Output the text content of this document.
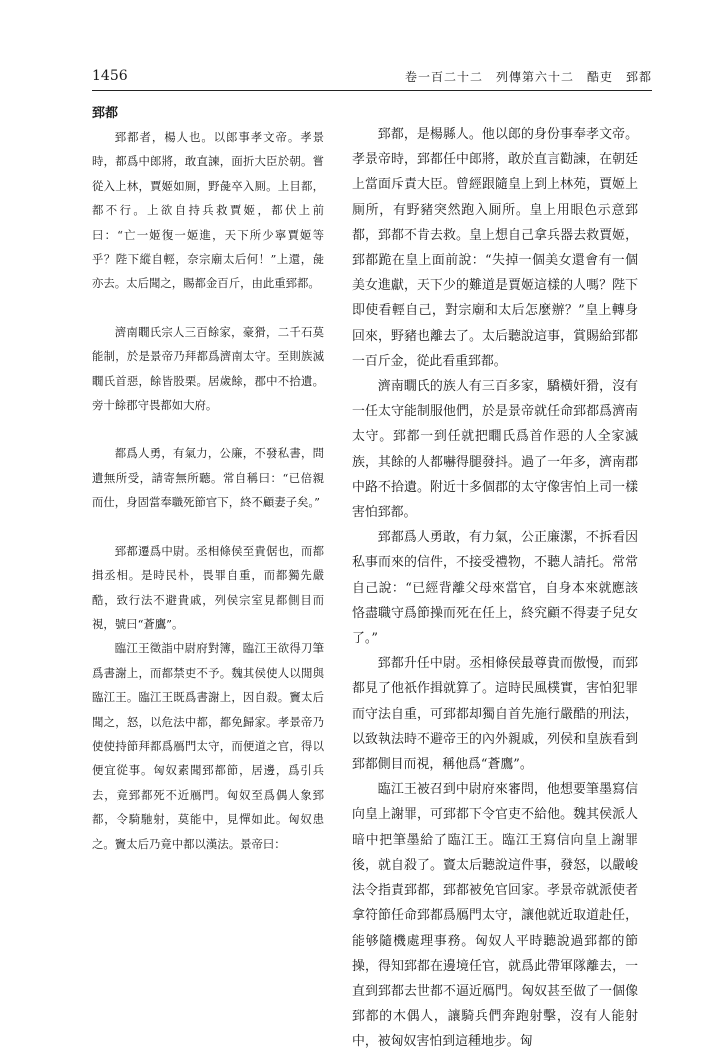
1456	卷一百二十二　列傳第六十二　酷吏　郅都
郅都

郅都者，楊人也。以郎事孝文帝。孝景時，都爲中郎將，敢直諫，面折大臣於朝。嘗從入上林，賈姬如厠，野彘卒入厠。上目都，都不行。上欲自持兵救賈姬，都伏上前曰：“亡一姬復一姬進，天下所少寧賈姬等乎？陛下縱自輕，奈宗廟太后何！”上還，彘亦去。太后聞之，賜都金百斤，由此重郅都。

濟南瞯氏宗人三百餘家，豪猾，二千石莫能制，於是景帝乃拜都爲濟南太守。至則族滅瞯氏首惡，餘皆股栗。居歲餘，郡中不拾遺。旁十餘郡守畏都如大府。

都爲人勇，有氣力，公廉，不發私書，問遺無所受，請寄無所聽。常自稱曰：“已倍親而仕，身固當奉職死節官下，終不顧妻子矣。”

郅都遷爲中尉。丞相條侯至貴倨也，而都揖丞相。是時民朴，畏罪自重，而都獨先嚴酷，致行法不避貴戚，列侯宗室見都側目而視，號曰“蒼鷹”。

臨江王徵詣中尉府對簿，臨江王欲得刀筆爲書謝上，而都禁吏不予。魏其侯使人以閒與臨江王。臨江王既爲書謝上，因自殺。竇太后聞之，怒，以危法中都，都免歸家。孝景帝乃使使持節拜都爲鴈門太守，而便道之官，得以便宜從事。匈奴素聞郅都節，居邊，爲引兵去，竟郅都死不近鴈門。匈奴至爲偶人象郅都，令騎馳射，莫能中，見憚如此。匈奴患之。竇太后乃竟中都以漢法。景帝曰：

郅都，是楊縣人。他以郎的身份事奉孝文帝。孝景帝時，郅都任中郎將，敢於直言勸諫，在朝廷上當面斥責大臣。曾經跟隨皇上到上林苑，賈姬上厠所，有野豬突然跑入厠所。皇上用眼色示意郅都，郅都不肯去救。皇上想自己拿兵器去救賈姬，郅都跪在皇上面前說：“失掉一個美女還會有一個美女進獻，天下少的難道是賈姬這樣的人嗎？陛下即使看輕自己，對宗廟和太后怎麼辦？”皇上轉身回來，野豬也離去了。太后聽說這事，賞賜給郅都一百斤金，從此看重郅都。

濟南瞯氏的族人有三百多家，驕橫奸猾，沒有一任太守能制服他們，於是景帝就任命郅都爲濟南太守。郅都一到任就把瞯氏爲首作惡的人全家滅族，其餘的人都嚇得腿發抖。過了一年多，濟南郡中路不拾遺。附近十多個郡的太守像害怕上司一樣害怕郅都。

郅都爲人勇敢，有力氣，公正廉潔，不拆看因私事而來的信件，不接受禮物，不聽人請托。常常自己說：“已經背離父母來當官，自身本來就應該恪盡職守爲節操而死在任上，終究顧不得妻子兒女了。”

郅都升任中尉。丞相條侯最尊貴而傲慢，而郅都見了他祇作揖就算了。這時民風樸實，害怕犯罪而守法自重，可郅都却獨自首先施行嚴酷的刑法，以致執法時不避帝王的內外親戚，列侯和皇族看到郅都側目而視，稱他爲“蒼鷹”。

臨江王被召到中尉府來審問，他想要筆墨寫信向皇上謝罪，可郅都下令官吏不給他。魏其侯派人暗中把筆墨給了臨江王。臨江王寫信向皇上謝罪後，就自殺了。竇太后聽說這件事，發怒，以嚴峻法令指責郅都，郅都被免官回家。孝景帝就派使者拿符節任命郅都爲鴈門太守，讓他就近取道赴任，能够隨機處理事務。匈奴人平時聽說過郅都的節操，得知郅都在邊境任官，就爲此帶軍隊離去，一直到郅都去世都不逼近鴈門。匈奴甚至做了一個像郅都的木偶人，讓騎兵們奔跑射擊，沒有人能射中，被匈奴害怕到這種地步。匈
